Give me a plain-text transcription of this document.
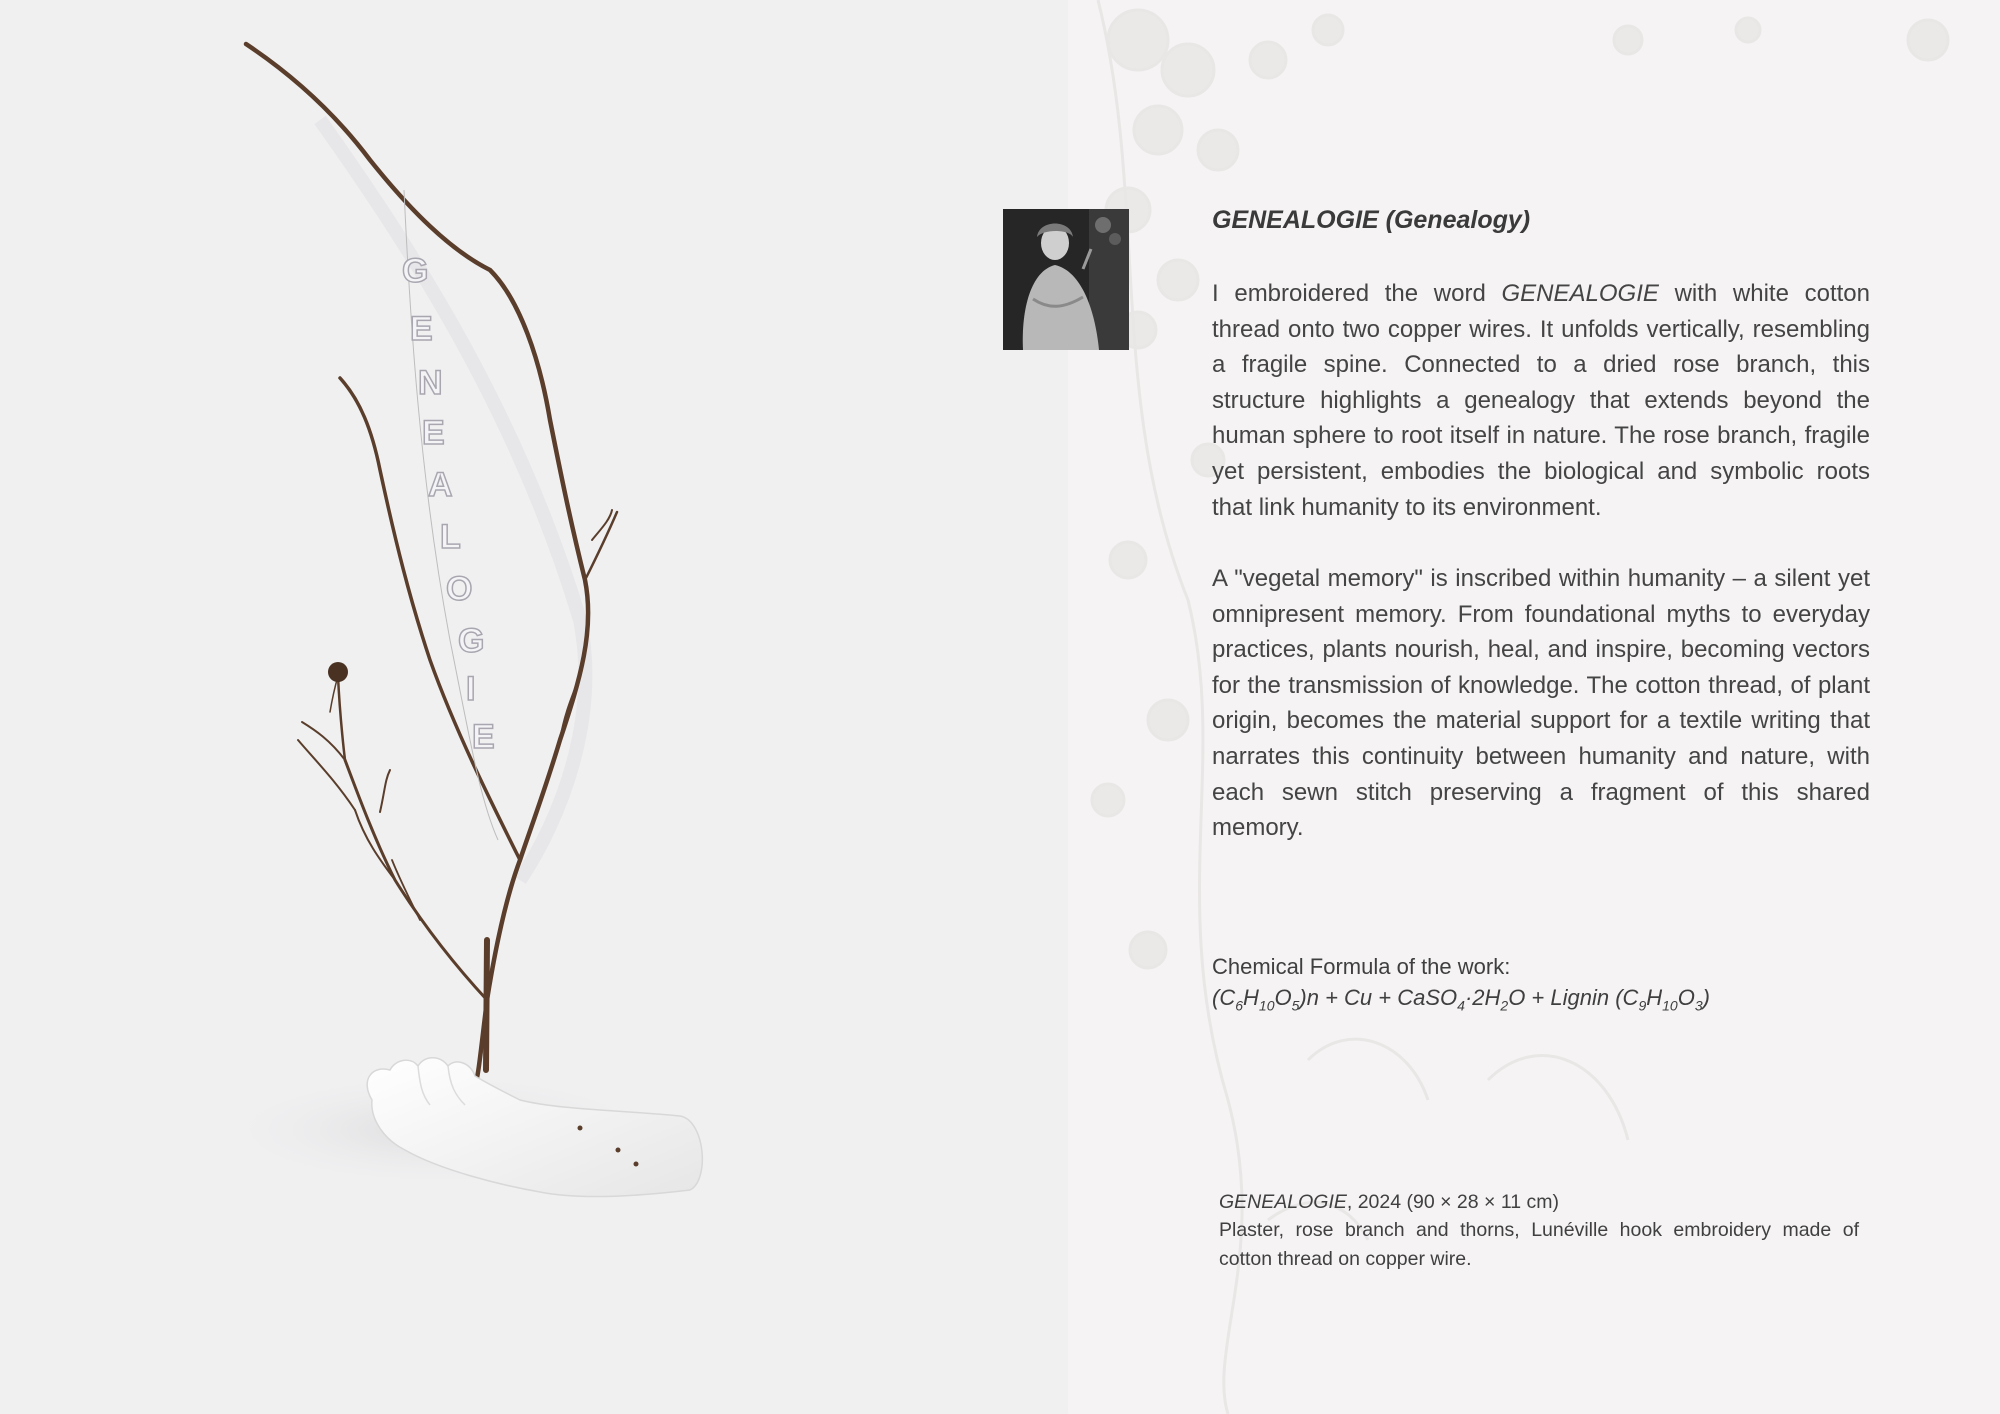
G
E
N
E
A
L
O
G
I
E
GENEALOGIE (Genealogy)
I embroidered the word GENEALOGIE with white cotton thread onto two copper wires. It unfolds vertically, resembling a fragile spine. Connected to a dried rose branch, this structure highlights a genealogy that extends beyond the human sphere to root itself in nature. The rose branch, fragile yet persistent, embodies the biological and symbolic roots that link humanity to its environment.
A "vegetal memory" is inscribed within humanity – a silent yet omnipresent memory. From foundational myths to everyday practices, plants nourish, heal, and inspire, becoming vectors for the transmission of knowledge. The cotton thread, of plant origin, becomes the material support for a textile writing that narrates this continuity between humanity and nature, with each sewn stitch preserving a fragment of this shared memory.
Chemical Formula of the work:
$(C_6H_{10}O_5)n + Cu$ + $CaSO_4\cdot 2H_2O$ + Lignin $(C_9H_{10}O_3)$
GENEALOGIE, 2024 (90 × 28 × 11 cm)
Plaster, rose branch and thorns, Lunéville hook embroidery made of cotton thread on copper wire.
